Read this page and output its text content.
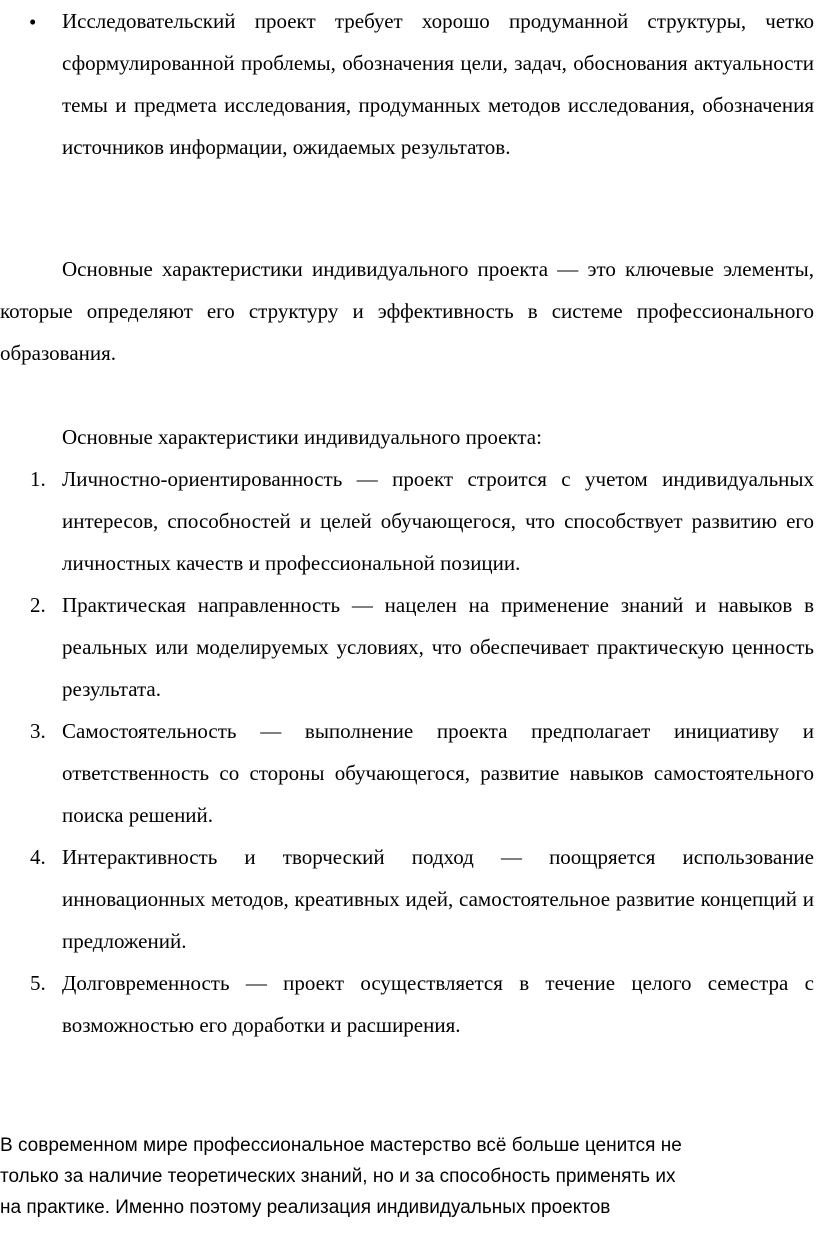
• Исследовательский проект требует хорошо продуманной структуры, четко сформулированной проблемы, обозначения цели, задач, обоснования актуальности темы и предмета исследования, продуманных методов исследования, обозначения источников информации, ожидаемых результатов.

Основные характеристики индивидуального проекта — это ключевые элементы, которые определяют его структуру и эффективность в системе профессионального образования.

Основные характеристики индивидуального проекта:
1. Личностно-ориентированность — проект строится с учетом индивидуальных интересов, способностей и целей обучающегося, что способствует развитию его личностных качеств и профессиональной позиции.
2. Практическая направленность — нацелен на применение знаний и навыков в реальных или моделируемых условиях, что обеспечивает практическую ценность результата.
3. Самостоятельность — выполнение проекта предполагает инициативу и ответственность со стороны обучающегося, развитие навыков самостоятельного поиска решений.
4. Интерактивность и творческий подход — поощряется использование инновационных методов, креативных идей, самостоятельное развитие концепций и предложений.
5. Долговременность — проект осуществляется в течение целого семестра с возможностью его доработки и расширения.
В современном мире профессиональное мастерство всё больше ценится не
только за наличие теоретических знаний, но и за способность применять их
на практике. Именно поэтому реализация индивидуальных проектов
